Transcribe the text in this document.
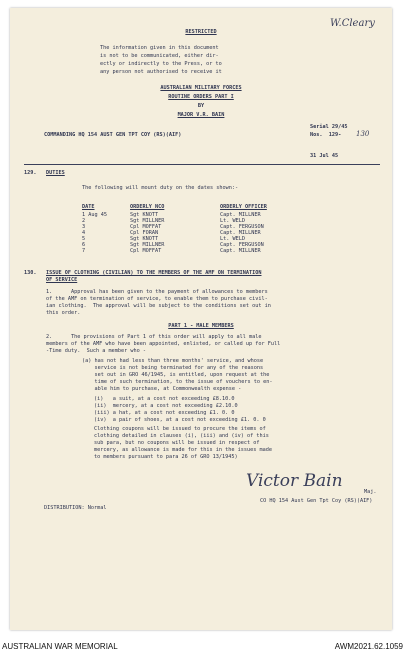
W.Cleary
RESTRICTED
The information given in this document
is not to be communicated, either dir-
ectly or indirectly to the Press, or to
any person not authorised to receive it
AUSTRALIAN MILITARY FORCES
ROUTINE ORDERS PART I
BY
MAJOR V.R. BAIN
COMMANDING HQ 154 AUST GEN TPT COY (RS)(AIF)
Serial 29/45
Nos.  129- 130
31 Jul 45
129. DUTIES
The following will mount duty on the dates shown:-
DATE	ORDERLY NCO	ORDERLY OFFICER
1 Aug 45	Sgt KNOTT	Capt. MILLNER
2	Sgt MILLNER	Lt. WELD
3	Cpl MOFFAT	Capt. FERGUSON
4	Cpl FORAN	Capt. MILLNER
5	Sgt KNOTT	Lt. WELD
6	Sgt MILLNER	Capt. FERGUSON
7	Cpl MOFFAT	Capt. MILLNER
130. ISSUE OF CLOTHING (CIVILIAN) TO THE MEMBERS OF THE AMF ON TERMINATION
OF SERVICE
1.      Approval has been given to the payment of allowances to members
of the AMF on termination of service, to enable them to purchase civil-
ian clothing.  The approval will be subject to the conditions set out in
this order.
PART 1 - MALE MEMBERS
2.      The provisions of Part 1 of this order will apply to all male
members of the AMF who have been appointed, enlisted, or called up for Full
-Time duty.  Such a member who -
(a) has not had less than three months' service, and whose
service is not being terminated for any of the reasons
set out in GRO 46/1945, is entitled, upon request at the
time of such termination, to the issue of vouchers to en-
able him to purchase, at Commonwealth expense -
(i)   a suit, at a cost not exceeding £8.10.0
(ii)  mercery, at a cost not exceeding £2.10.0
(iii) a hat, at a cost not exceeding £1. 0. 0
(iv)  a pair of shoes, at a cost not exceeding £1. 0. 0
Clothing coupons will be issued to procure the items of
clothing detailed in clauses (i), (iii) and (iv) of this
sub para, but no coupons will be issued in respect of
mercery, as allowance is made for this in the issues made
to members pursuant to para 26 of GRO 13/1945)
Victor Bain
Maj.
CO HQ 154 Aust Gen Tpt Coy (RS)(AIF)
DISTRIBUTION: Normal
AUSTRALIAN WAR MEMORIAL	AWM2021.62.1059
